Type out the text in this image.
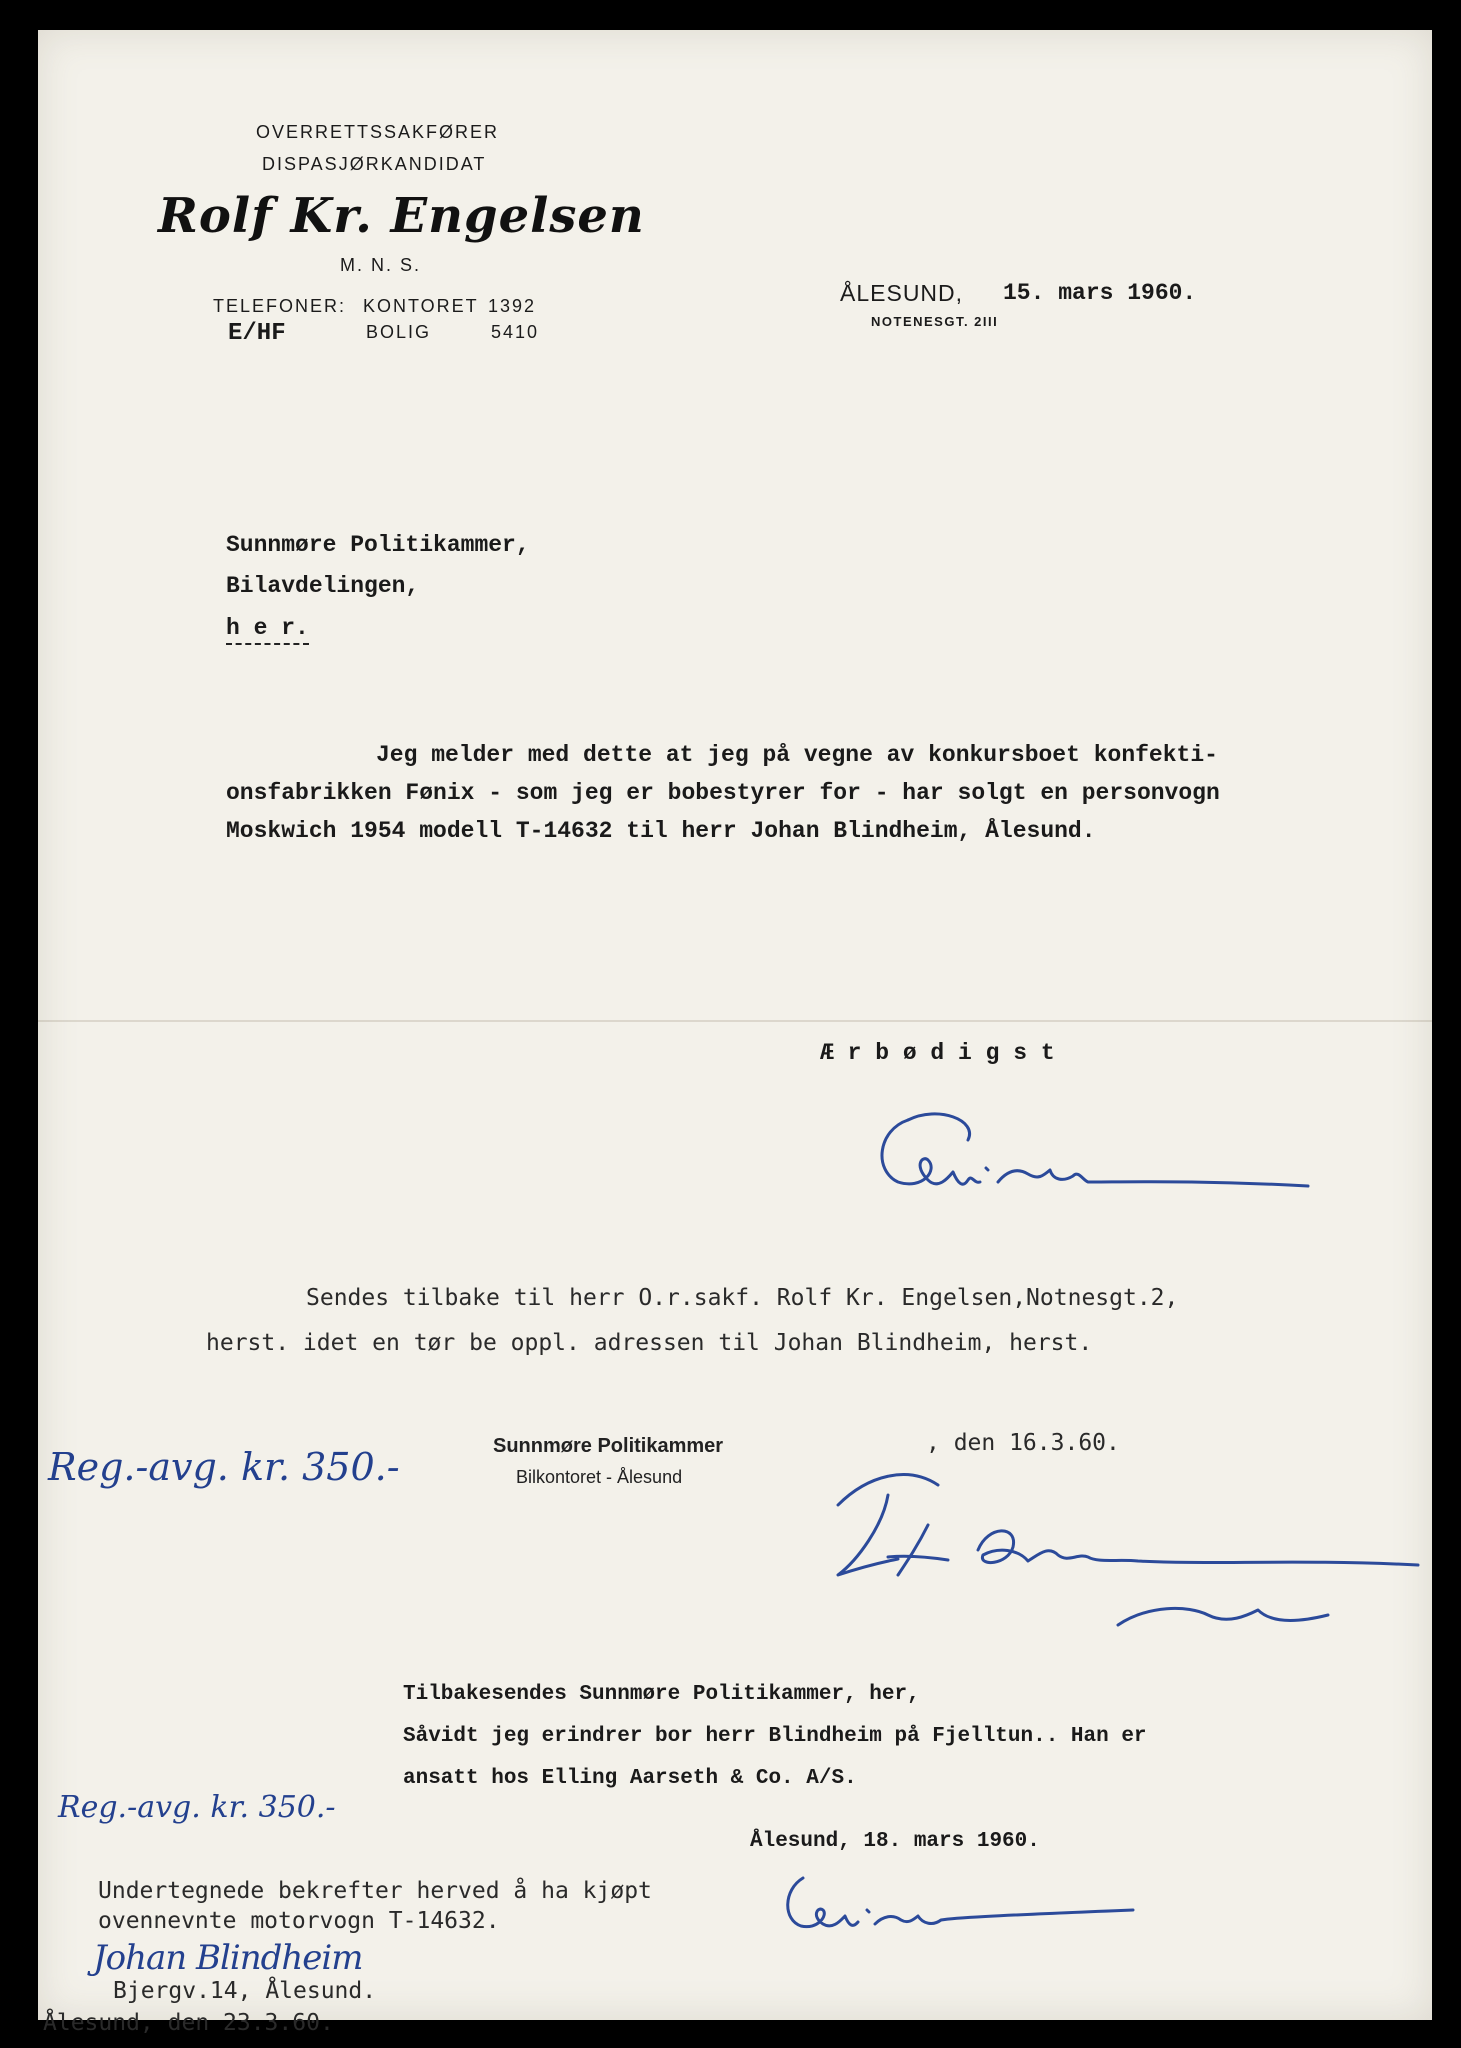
OVERRETTSSAKFØRER
DISPASJØRKANDIDAT
Rolf Kr. Engelsen
M. N. S.
TELEFONER: KONTORET 1392
E/HF	BOLIG	5410
ÅLESUND, 15. mars 1960.
NOTENESGT. 2III
Sunnmøre Politikammer,
Bilavdelingen,
h e r.
Jeg melder med dette at jeg på vegne av konkursboet konfekti-
onsfabrikken Fønix - som jeg er bobestyrer for - har solgt en personvogn
Moskwich 1954 modell T-14632 til herr Johan Blindheim, Ålesund.
Æ r b ø d i g s t
Sendes tilbake til herr O.r.sakf. Rolf Kr. Engelsen,Notnesgt.2,
herst. idet en tør be oppl. adressen til Johan Blindheim, herst.
, den 16.3.60.
Sunnmøre Politikammer
Bilkontoret - Ålesund
Reg.-avg. kr. 350.-
Tilbakesendes Sunnmøre Politikammer, her,
Såvidt jeg erindrer bor herr Blindheim på Fjelltun.. Han er
ansatt hos Elling Aarseth & Co. A/S.
Ålesund, 18. mars 1960.
Reg.-avg. kr. 350.-
Undertegnede bekrefter herved å ha kjøpt
ovennevnte motorvogn T-14632.
Johan Blindheim
Bjergv.14, Ålesund.
Ålesund, den 23.3.60.
